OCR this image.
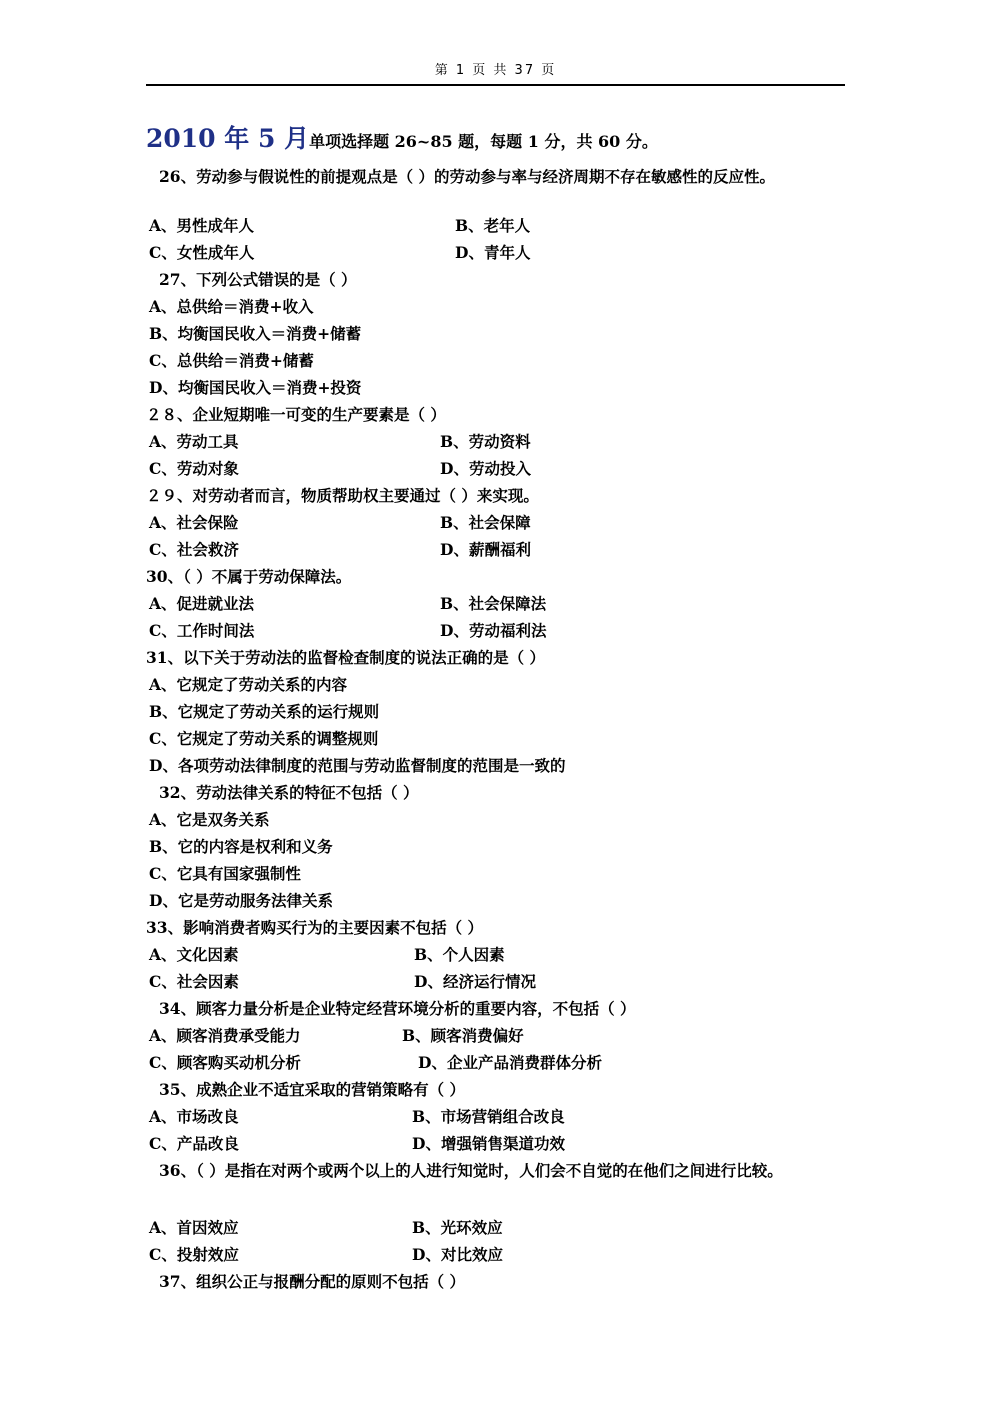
第 1 页 共 37 页
2010 年 5 月单项选择题 26~85 题，每题 1 分，共 60 分。
26、劳动参与假说性的前提观点是（ ）的劳动参与率与经济周期不存在敏感性的反应性。
A、男性成年人	B、老年人
C、女性成年人	D、青年人
27、下列公式错误的是（ ）
A、总供给＝消费+收入
B、均衡国民收入＝消费+储蓄
C、总供给＝消费+储蓄
D、均衡国民收入＝消费+投资
２８、企业短期唯一可变的生产要素是（ ）
A、劳动工具	B、劳动资料
C、劳动对象	D、劳动投入
２９、对劳动者而言，物质帮助权主要通过（ ）来实现。
A、社会保险	B、社会保障
C、社会救济	D、薪酬福利
30、（ ）不属于劳动保障法。
A、促进就业法	B、社会保障法
C、工作时间法	D、劳动福利法
31、以下关于劳动法的监督检查制度的说法正确的是（ ）
A、它规定了劳动关系的内容
B、它规定了劳动关系的运行规则
C、它规定了劳动关系的调整规则
D、各项劳动法律制度的范围与劳动监督制度的范围是一致的
32、劳动法律关系的特征不包括（ ）
A、它是双务关系
B、它的内容是权利和义务
C、它具有国家强制性
D、它是劳动服务法律关系
33、影响消费者购买行为的主要因素不包括（ ）
A、文化因素	B、个人因素
C、社会因素	D、经济运行情况
34、顾客力量分析是企业特定经营环境分析的重要内容，不包括（ ）
A、顾客消费承受能力	B、顾客消费偏好
C、顾客购买动机分析	D、企业产品消费群体分析
35、成熟企业不适宜采取的营销策略有（ ）
A、市场改良	B、市场营销组合改良
C、产品改良	D、增强销售渠道功效
36、（ ）是指在对两个或两个以上的人进行知觉时，人们会不自觉的在他们之间进行比较。
A、首因效应	B、光环效应
C、投射效应	D、对比效应
37、组织公正与报酬分配的原则不包括（ ）
